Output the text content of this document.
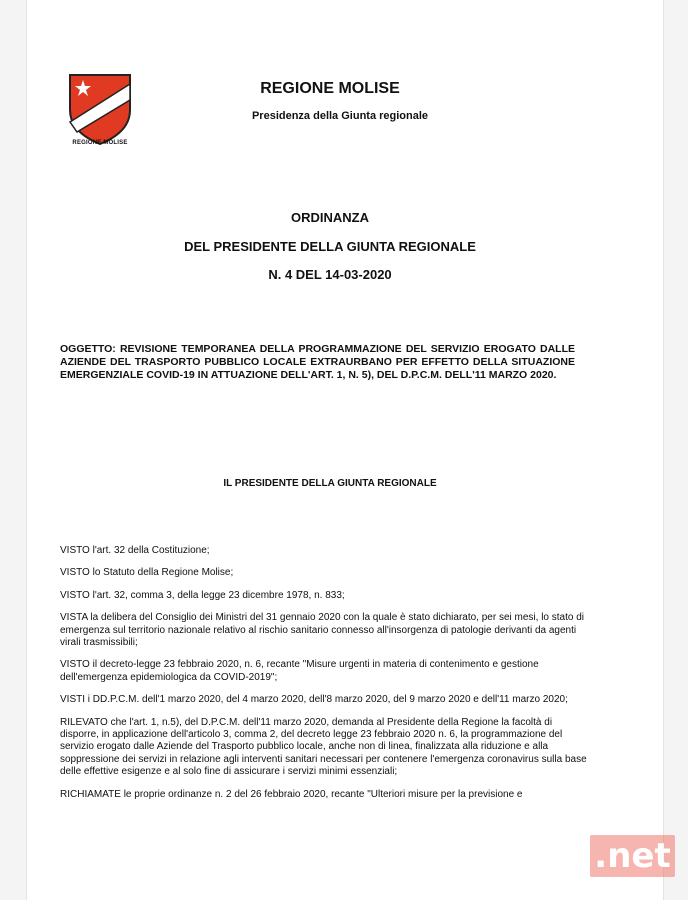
REGIONE MOLISE
REGIONE MOLISE
Presidenza della Giunta regionale
ORDINANZA
DEL PRESIDENTE DELLA GIUNTA REGIONALE
N. 4 DEL 14-03-2020
OGGETTO: REVISIONE TEMPORANEA DELLA PROGRAMMAZIONE DEL SERVIZIO EROGATO DALLE AZIENDE DEL TRASPORTO PUBBLICO LOCALE EXTRAURBANO PER EFFETTO DELLA SITUAZIONE EMERGENZIALE COVID-19 IN ATTUAZIONE DELL'ART. 1, N. 5), DEL D.P.C.M. DELL'11 MARZO 2020.
IL PRESIDENTE DELLA GIUNTA REGIONALE

VISTO l'art. 32 della Costituzione;

VISTO lo Statuto della Regione Molise;

VISTO l'art. 32, comma 3, della legge 23 dicembre 1978, n. 833;

VISTA la delibera del Consiglio dei Ministri del 31 gennaio 2020 con la quale è stato dichiarato, per sei mesi, lo stato di emergenza sul territorio nazionale relativo al rischio sanitario connesso all'insorgenza di patologie derivanti da agenti virali trasmissibili;

VISTO il decreto-legge 23 febbraio 2020, n. 6, recante "Misure urgenti in materia di contenimento e gestione dell'emergenza epidemiologica da COVID-2019";

VISTI i DD.P.C.M. dell'1 marzo 2020, del 4 marzo 2020, dell'8 marzo 2020, del 9 marzo 2020 e dell'11 marzo 2020;

RILEVATO che l'art. 1, n.5), del D.P.C.M. dell'11 marzo 2020, demanda al Presidente della Regione la facoltà di disporre, in applicazione dell'articolo 3, comma 2, del decreto legge 23 febbraio 2020 n. 6, la programmazione del servizio erogato dalle Aziende del Trasporto pubblico locale, anche non di linea, finalizzata alla riduzione e alla soppressione dei servizi in relazione agli interventi sanitari necessari per contenere l'emergenza coronavirus sulla base delle effettive esigenze e al solo fine di assicurare i servizi minimi essenziali;

RICHIAMATE le proprie ordinanze n. 2 del 26 febbraio 2020, recante "Ulteriori misure per la previsione e

.net
